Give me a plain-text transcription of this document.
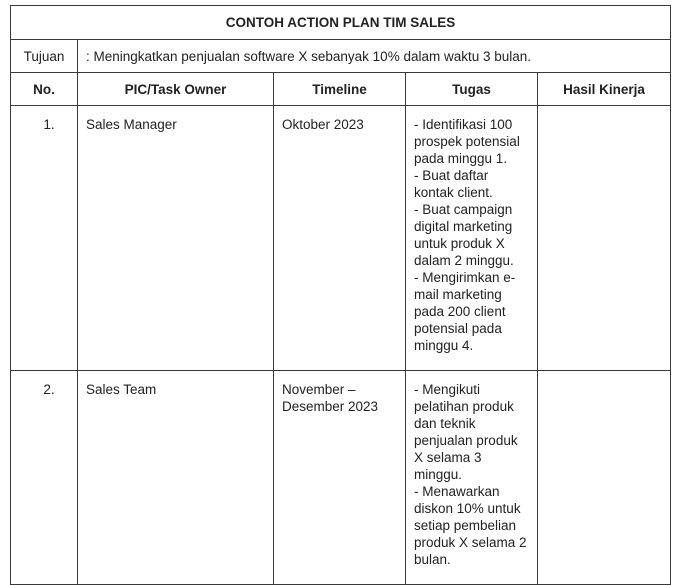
CONTOH ACTION PLAN TIM SALES				
Tujuan	: Meningkatkan penjualan software X sebanyak 10% dalam waktu 3 bulan.			
No.	PIC/Task Owner	Timeline	Tugas	Hasil Kinerja
1.	Sales Manager	Oktober 2023	- Identifikasi 100 prospek potensial pada minggu 1.
- Buat daftar kontak client.
- Buat campaign digital marketing untuk produk X dalam 2 minggu.
- Mengirimkan e-mail marketing pada 200 client potensial pada minggu 4.	

2.	Sales Team	November – Desember 2023	- Mengikuti pelatihan produk dan teknik penjualan produk X selama 3 minggu.
- Menawarkan diskon 10% untuk setiap pembelian produk X selama 2 bulan.	
